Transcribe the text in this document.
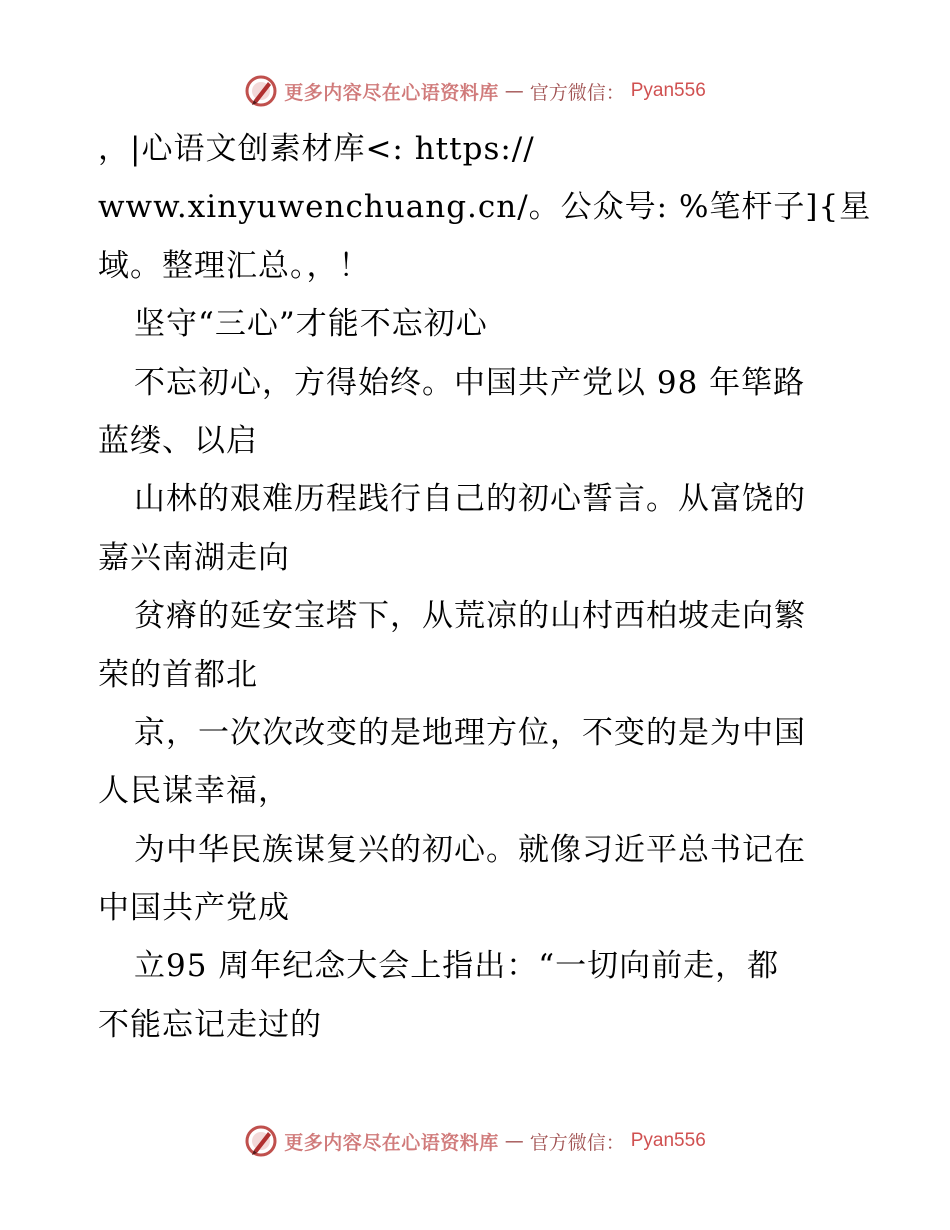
更多内容尽在心语资料库 — 官方微信： Pyan556
，|心语文创素材库<: https://
www.xinyuwenchuang.cn/。公众号: %笔杆子]{星
域。整理汇总。，！
坚守“三心”才能不忘初心
不忘初心，方得始终。中国共产党以 98 年筚路
蓝缕、以启
山林的艰难历程践行自己的初心誓言。从富饶的
嘉兴南湖走向
贫瘠的延安宝塔下，从荒凉的山村西柏坡走向繁
荣的首都北
京，一次次改变的是地理方位，不变的是为中国
人民谋幸福，
为中华民族谋复兴的初心。就像习近平总书记在
中国共产党成
立95 周年纪念大会上指出：“一切向前走，都
不能忘记走过的
更多内容尽在心语资料库 — 官方微信： Pyan556
